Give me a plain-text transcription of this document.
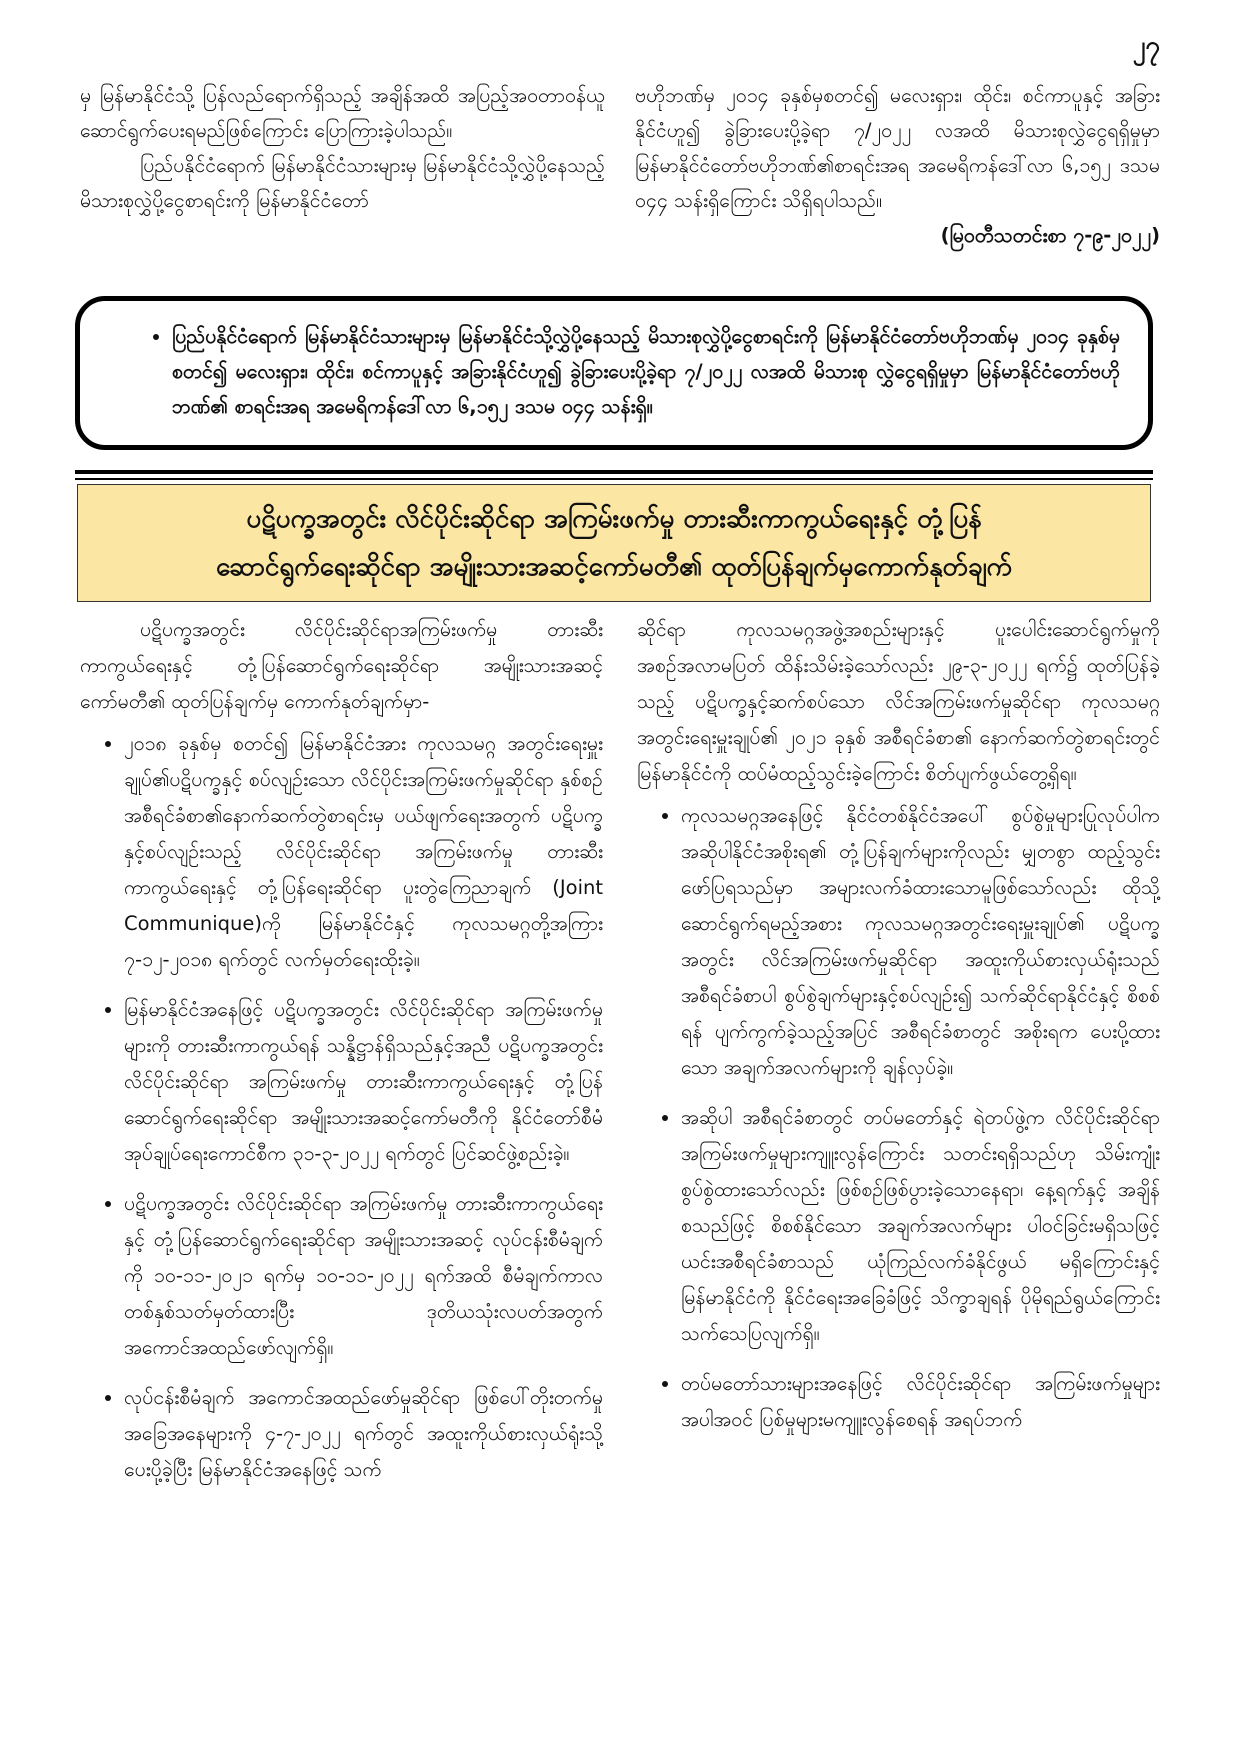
၂၇

မှ မြန်မာနိုင်ငံသို့ ပြန်လည်ရောက်ရှိသည့် အချိန်အထိ အပြည့်အဝတာဝန်ယူ ဆောင်ရွက်ပေးရမည်ဖြစ်ကြောင်း ပြောကြားခဲ့ပါသည်။

ပြည်ပနိုင်ငံရောက် မြန်မာနိုင်ငံသားများမှ မြန်မာနိုင်ငံသို့လွှဲပို့နေသည့် မိသားစုလွှဲပို့ငွေစာရင်းကို မြန်မာနိုင်ငံတော်

ဗဟိုဘဏ်မှ ၂၀၁၄ ခုနှစ်မှစတင်၍ မလေးရှား၊ ထိုင်း၊ စင်ကာပူနှင့် အခြားနိုင်ငံဟူ၍ ခွဲခြားပေးပို့ခဲ့ရာ ၇/၂၀၂၂ လအထိ မိသားစုလွှဲငွေရရှိမှုမှာ မြန်မာနိုင်ငံတော်ဗဟိုဘဏ်၏စာရင်းအရ အမေရိကန်ဒေါ်လာ ၆,၁၅၂ ဒသမ ၀၄၄ သန်းရှိကြောင်း သိရှိရပါသည်။

(မြဝတီသတင်းစာ ၇-၉-၂၀၂၂)

• ပြည်ပနိုင်ငံရောက် မြန်မာနိုင်ငံသားများမှ မြန်မာနိုင်ငံသို့လွှဲပို့နေသည့် မိသားစုလွှဲပို့ငွေစာရင်းကို မြန်မာနိုင်ငံတော်ဗဟိုဘဏ်မှ ၂၀၁၄ ခုနှစ်မှစတင်၍ မလေးရှား၊ ထိုင်း၊ စင်ကာပူနှင့် အခြားနိုင်ငံဟူ၍ ခွဲခြားပေးပို့ခဲ့ရာ ၇/၂၀၂၂ လအထိ မိသားစု လွှဲငွေရရှိမှုမှာ မြန်မာနိုင်ငံတော်ဗဟိုဘဏ်၏ စာရင်းအရ အမေရိကန်ဒေါ်လာ ၆,၁၅၂ ဒသမ ၀၄၄ သန်းရှိ။
ပဋိပက္ခအတွင်း လိင်ပိုင်းဆိုင်ရာ အကြမ်းဖက်မှု တားဆီးကာကွယ်ရေးနှင့် တုံ့ပြန်
ဆောင်ရွက်ရေးဆိုင်ရာ အမျိုးသားအဆင့်ကော်မတီ၏ ထုတ်ပြန်ချက်မှကောက်နုတ်ချက်

ပဋိပက္ခအတွင်း လိင်ပိုင်းဆိုင်ရာအကြမ်းဖက်မှု တားဆီးကာကွယ်ရေးနှင့် တုံ့ပြန်ဆောင်ရွက်ရေးဆိုင်ရာ အမျိုးသားအဆင့်ကော်မတီ၏ ထုတ်ပြန်ချက်မှ ကောက်နုတ်ချက်မှာ-

• ၂၀၁၈ ခုနှစ်မှ စတင်၍ မြန်မာနိုင်ငံအား ကုလသမဂ္ဂ အတွင်းရေးမှူးချုပ်၏ပဋိပက္ခနှင့် စပ်လျဉ်းသော လိင်ပိုင်းအကြမ်းဖက်မှုဆိုင်ရာ နှစ်စဉ်အစီရင်ခံစာ၏နောက်ဆက်တွဲစာရင်းမှ ပယ်ဖျက်ရေးအတွက် ပဋိပက္ခနှင့်စပ်လျဉ်းသည့် လိင်ပိုင်းဆိုင်ရာ အကြမ်းဖက်မှု တားဆီးကာကွယ်ရေးနှင့် တုံ့ပြန်ရေးဆိုင်ရာ ပူးတွဲကြေညာချက် (Joint Communique)ကို မြန်မာနိုင်ငံနှင့် ကုလသမဂ္ဂတို့အကြား ၇-၁၂-၂၀၁၈ ရက်တွင် လက်မှတ်ရေးထိုးခဲ့။
• မြန်မာနိုင်ငံအနေဖြင့် ပဋိပက္ခအတွင်း လိင်ပိုင်းဆိုင်ရာ အကြမ်းဖက်မှုများကို တားဆီးကာကွယ်ရန် သန္နိဋ္ဌာန်ရှိသည်နှင့်အညီ ပဋိပက္ခအတွင်း လိင်ပိုင်းဆိုင်ရာ အကြမ်းဖက်မှု တားဆီးကာကွယ်ရေးနှင့် တုံ့ပြန်ဆောင်ရွက်ရေးဆိုင်ရာ အမျိုးသားအဆင့်ကော်မတီကို နိုင်ငံတော်စီမံအုပ်ချုပ်ရေးကောင်စီက ၃၁-၃-၂၀၂၂ ရက်တွင် ပြင်ဆင်ဖွဲ့စည်းခဲ့။
• ပဋိပက္ခအတွင်း လိင်ပိုင်းဆိုင်ရာ အကြမ်းဖက်မှု တားဆီးကာကွယ်ရေးနှင့် တုံ့ပြန်ဆောင်ရွက်ရေးဆိုင်ရာ အမျိုးသားအဆင့် လုပ်ငန်းစီမံချက်ကို ၁၀-၁၁-၂၀၂၁ ရက်မှ ၁၀-၁၁-၂၀၂၂ ရက်အထိ စီမံချက်ကာလ တစ်နှစ်သတ်မှတ်ထားပြီး ဒုတိယသုံးလပတ်အတွက် အကောင်အထည်ဖော်လျက်ရှိ။
• လုပ်ငန်းစီမံချက် အကောင်အထည်ဖော်မှုဆိုင်ရာ ဖြစ်ပေါ်တိုးတက်မှုအခြေအနေများကို ၄-၇-၂၀၂၂ ရက်တွင် အထူးကိုယ်စားလှယ်ရုံးသို့ပေးပို့ခဲ့ပြီး မြန်မာနိုင်ငံအနေဖြင့် သက်

ဆိုင်ရာ ကုလသမဂ္ဂအဖွဲ့အစည်းများနှင့် ပူးပေါင်းဆောင်ရွက်မှုကို အစဉ်အလာမပြတ် ထိန်းသိမ်းခဲ့သော်လည်း ၂၉-၃-၂၀၂၂ ရက်၌ ထုတ်ပြန်ခဲ့သည့် ပဋိပက္ခနှင့်ဆက်စပ်သော လိင်အကြမ်းဖက်မှုဆိုင်ရာ ကုလသမဂ္ဂအတွင်းရေးမှူးချုပ်၏ ၂၀၂၁ ခုနှစ် အစီရင်ခံစာ၏ နောက်ဆက်တွဲစာရင်းတွင် မြန်မာနိုင်ငံကို ထပ်မံထည့်သွင်းခဲ့ကြောင်း စိတ်ပျက်ဖွယ်တွေ့ရှိရ။

• ကုလသမဂ္ဂအနေဖြင့် နိုင်ငံတစ်နိုင်ငံအပေါ် စွပ်စွဲမှုများပြုလုပ်ပါက အဆိုပါနိုင်ငံအစိုးရ၏ တုံ့ပြန်ချက်များကိုလည်း မျှတစွာ ထည့်သွင်းဖော်ပြရသည်မှာ အများလက်ခံထားသောမူဖြစ်သော်လည်း ထိုသို့ဆောင်ရွက်ရမည့်အစား ကုလသမဂ္ဂအတွင်းရေးမှူးချုပ်၏ ပဋိပက္ခအတွင်း လိင်အကြမ်းဖက်မှုဆိုင်ရာ အထူးကိုယ်စားလှယ်ရုံးသည် အစီရင်ခံစာပါ စွပ်စွဲချက်များနှင့်စပ်လျဉ်း၍ သက်ဆိုင်ရာနိုင်ငံနှင့် စိစစ်ရန် ပျက်ကွက်ခဲ့သည့်အပြင် အစီရင်ခံစာတွင် အစိုးရက ပေးပို့ထားသော အချက်အလက်များကို ချန်လှပ်ခဲ့။
• အဆိုပါ အစီရင်ခံစာတွင် တပ်မတော်နှင့် ရဲတပ်ဖွဲ့က လိင်ပိုင်းဆိုင်ရာ အကြမ်းဖက်မှုများကျူးလွန်ကြောင်း သတင်းရရှိသည်ဟု သိမ်းကျုံးစွပ်စွဲထားသော်လည်း ဖြစ်စဉ်ဖြစ်ပွားခဲ့သောနေရာ၊ နေ့ရက်နှင့် အချိန်စသည်ဖြင့် စိစစ်နိုင်သော အချက်အလက်များ ပါဝင်ခြင်းမရှိသဖြင့် ယင်းအစီရင်ခံစာသည် ယုံကြည်လက်ခံနိုင်ဖွယ် မရှိကြောင်းနှင့် မြန်မာနိုင်ငံကို နိုင်ငံရေးအခြေခံဖြင့် သိက္ခာချရန် ပိုမိုရည်ရွယ်ကြောင်း သက်သေပြလျက်ရှိ။
• တပ်မတော်သားများအနေဖြင့် လိင်ပိုင်းဆိုင်ရာ အကြမ်းဖက်မှုများအပါအဝင် ပြစ်မှုများမကျူးလွန်စေရန် အရပ်ဘက်
